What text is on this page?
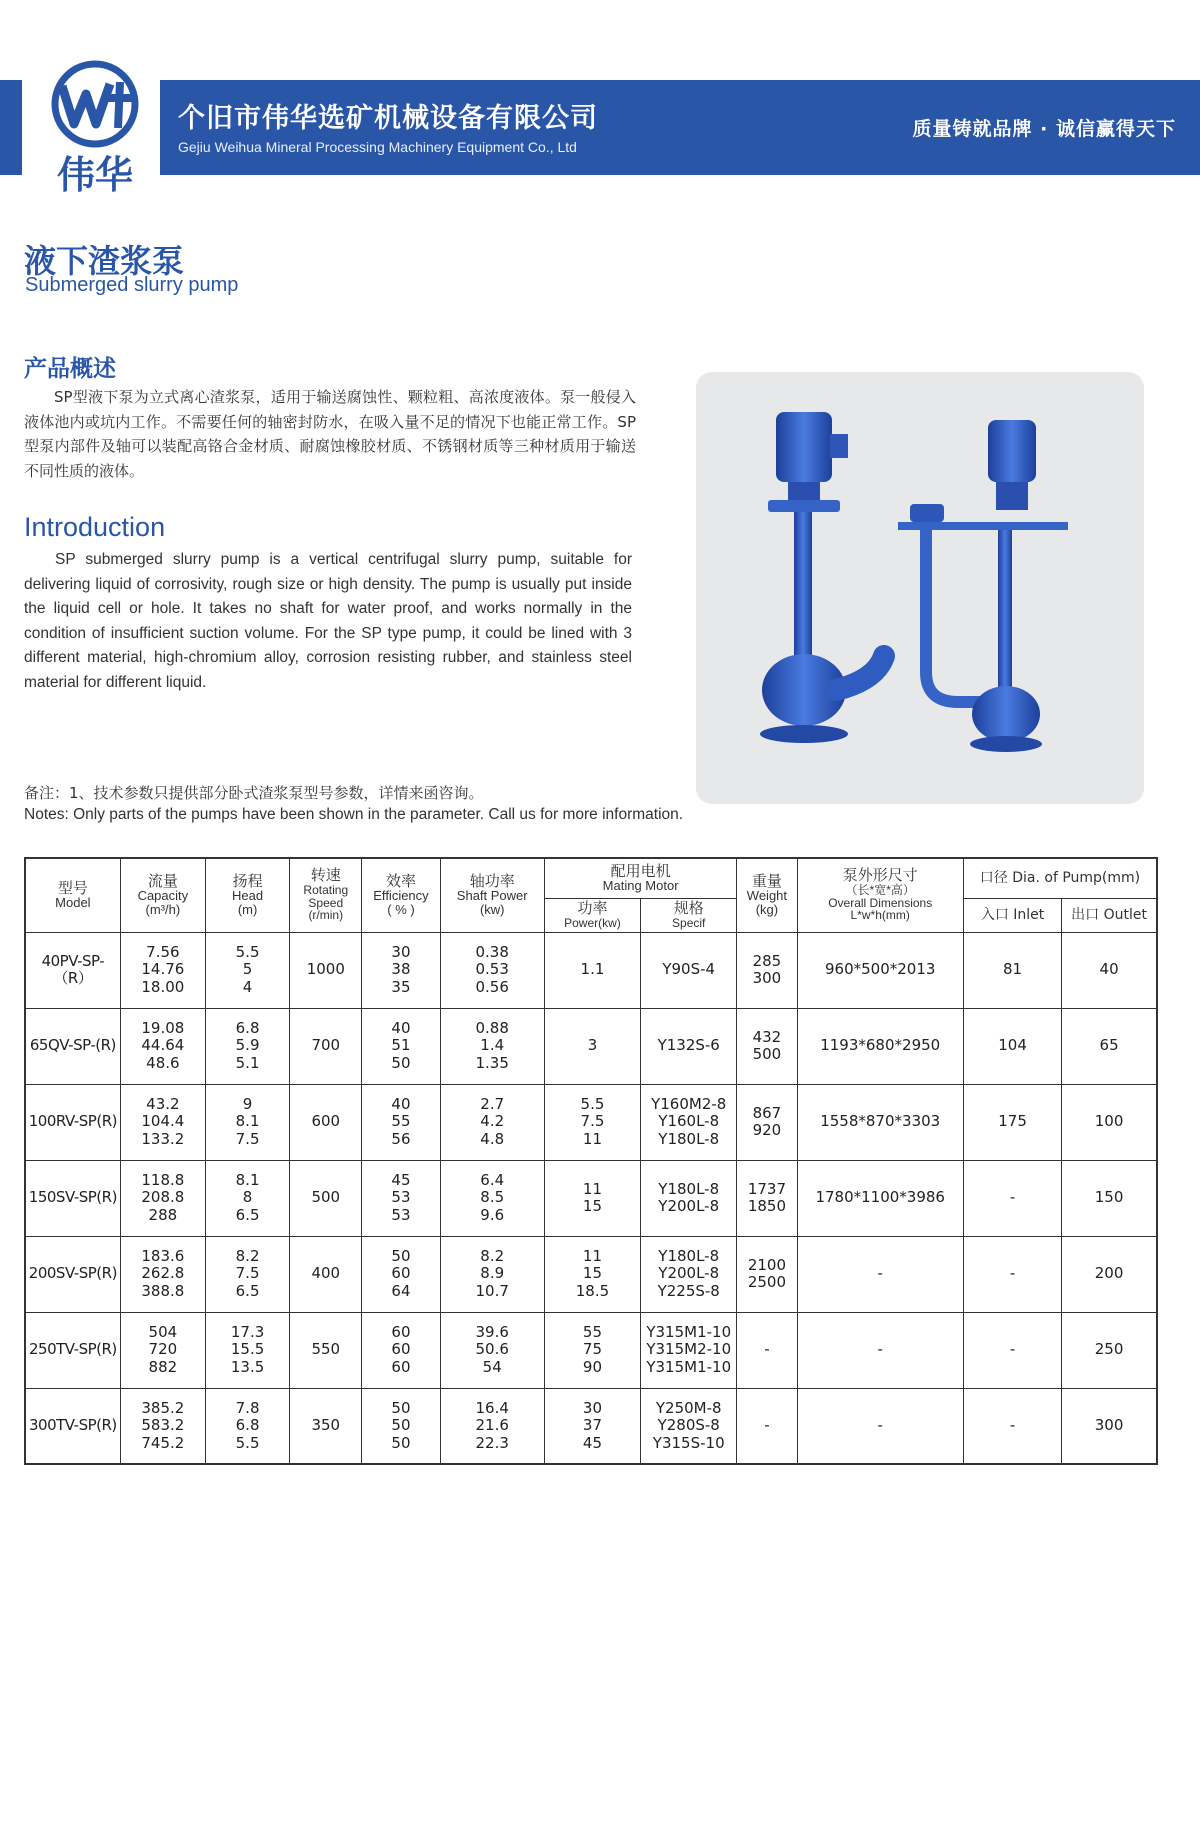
伟华
个旧市伟华选矿机械设备有限公司
Gejiu Weihua Mineral Processing Machinery Equipment Co., Ltd
质量铸就品牌 · 诚信赢得天下
液下渣浆泵
Submerged slurry pump
产品概述
SP型液下泵为立式离心渣浆泵，适用于输送腐蚀性、颗粒粗、高浓度液体。泵一般侵入液体池内或坑内工作。不需要任何的轴密封防水，在吸入量不足的情况下也能正常工作。SP型泵内部件及轴可以装配高铬合金材质、耐腐蚀橡胶材质、不锈钢材质等三种材质用于输送不同性质的液体。
Introduction
SP submerged slurry pump is a vertical centrifugal slurry pump, suitable for delivering liquid of corrosivity, rough size or high density. The pump is usually put inside the liquid cell or hole. It takes no shaft for water proof, and works normally in the condition of insufficient suction volume. For the SP type pump, it could be lined with 3 different material, high-chromium alloy, corrosion resisting rubber, and stainless steel material for different liquid.
备注：1、技术参数只提供部分卧式渣浆泵型号参数，详情来函咨询。
Notes: Only parts of the pumps have been shown in the parameter. Call us for more information.
型号
Model	流量
Capacity
(m³/h)	扬程
Head
(m)	转速
Rotating
Speed
(r/min)	效率
Efficiency
( % )	轴功率
Shaft Power
(kw)	配用电机
Mating Motor		重量
Weight
(kg)	泵外形尺寸
（长*宽*高）
Overall Dimensions
L*w*h(mm)	口径 Dia. of Pump(mm)	

						功率
Power(kw)	规格
Specif			入口 Inlet	出口 Outlet

40PV-SP-
（R）	7.56
14.76
18.00	5.5
5
4	1000	30
38
35	0.38
0.53
0.56	1.1	Y90S-4	285
300	960*500*2013	81	40

65QV-SP-(R)	19.08
44.64
48.6	6.8
5.9
5.1	700	40
51
50	0.88
1.4
1.35	3	Y132S-6	432
500	1193*680*2950	104	65

100RV-SP(R)	43.2
104.4
133.2	9
8.1
7.5	600	40
55
56	2.7
4.2
4.8	5.5
7.5
11	Y160M2-8
Y160L-8
Y180L-8	867
920	1558*870*3303	175	100

150SV-SP(R)	118.8
208.8
288	8.1
8
6.5	500	45
53
53	6.4
8.5
9.6	11
15	Y180L-8
Y200L-8	1737
1850	1780*1100*3986	-	150

200SV-SP(R)	183.6
262.8
388.8	8.2
7.5
6.5	400	50
60
64	8.2
8.9
10.7	11
15
18.5	Y180L-8
Y200L-8
Y225S-8	2100
2500	-	-	200

250TV-SP(R)	504
720
882	17.3
15.5
13.5	550	60
60
60	39.6
50.6
54	55
75
90	Y315M1-10
Y315M2-10
Y315M1-10	-	-	-	250

300TV-SP(R)	385.2
583.2
745.2	7.8
6.8
5.5	350	50
50
50	16.4
21.6
22.3	30
37
45	Y250M-8
Y280S-8
Y315S-10	-	-	-	300
